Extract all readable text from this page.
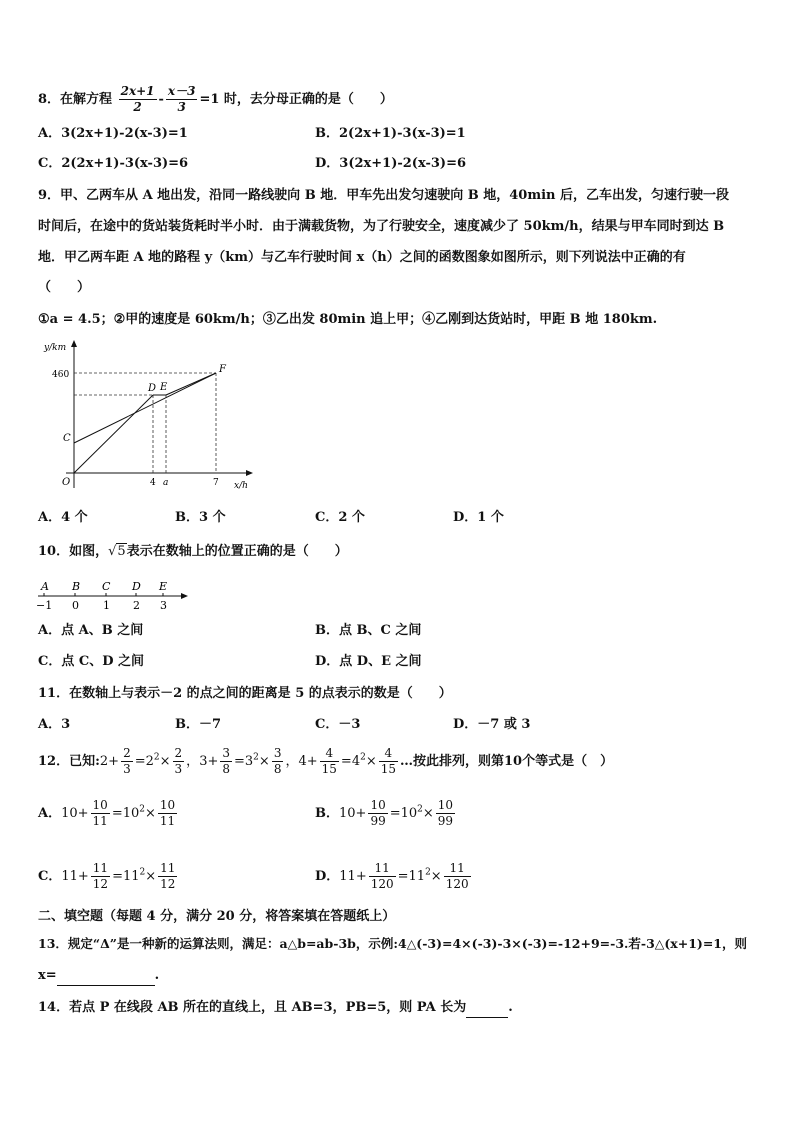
8．在解方程 $\frac{2x+1}{2} - \frac{x-3}{3} =1$ 时，去分母正确的是（　　）
A．3(2x+1)-2(x-3)=1	B．2(2x+1)-3(x-3)=1
C．2(2x+1)-3(x-3)=6	D．3(2x+1)-2(x-3)=6
9．甲、乙两车从 A 地出发，沿同一路线驶向 B 地．甲车先出发匀速驶向 B 地，40min 后，乙车出发，匀速行驶一段
时间后，在途中的货站装货耗时半小时．由于满载货物，为了行驶安全，速度减少了 50km/h，结果与甲车同时到达 B
地．甲乙两车距 A 地的路程 y（km）与乙车行驶时间 x（h）之间的函数图象如图所示，则下列说法中正确的有
（　　）
①a = 4.5；②甲的速度是 60km/h；③乙出发 80min 追上甲；④乙刚到达货站时，甲距 B 地 180km.
y/km
x/h
460
4 a	7
O
C
D E
F
A．4 个	B．3 个	C．2 个	D．1 个
10．如图，√5表示在数轴上的位置正确的是（　　）
A B C D E
−1 0 1 2 3
A．点 A、B 之间	B．点 B、C 之间
C．点 C、D 之间	D．点 D、E 之间
11．在数轴上与表示－2 的点之间的距离是 5 的点表示的数是（　　）
A．3	B．－7	C．－3	D．－7 或 3
12．已知:2+ $\frac{2}{3} =2^2\times \frac{2}{3}$ ，$3+ \frac{3}{8} =3^2\times \frac{3}{8}$ ，$4+ \frac{4}{15} =4^2\times \frac{4}{15}$ …按此排列，则第10个等式是（　）
A．$10+ \frac{10}{11} =10^2\times \frac{10}{11}$	B．$10+ \frac{10}{99} =10^2\times \frac{10}{99}$
C．$11+ \frac{11}{12} =11^2\times \frac{11}{12}$	D．$11+ \frac{11}{120} =11^2\times \frac{11}{120}$
二、填空题（每题 4 分，满分 20 分，将答案填在答题纸上）
13．规定“Δ”是一种新的运算法则，满足：a△b=ab-3b，示例:4△(-3)=4×(-3)-3×(-3)=-12+9=-3.若-3△(x+1)=1，则
x=	.
14．若点 P 在线段 AB 所在的直线上，且 AB=3，PB=5，则 PA 长为	.
